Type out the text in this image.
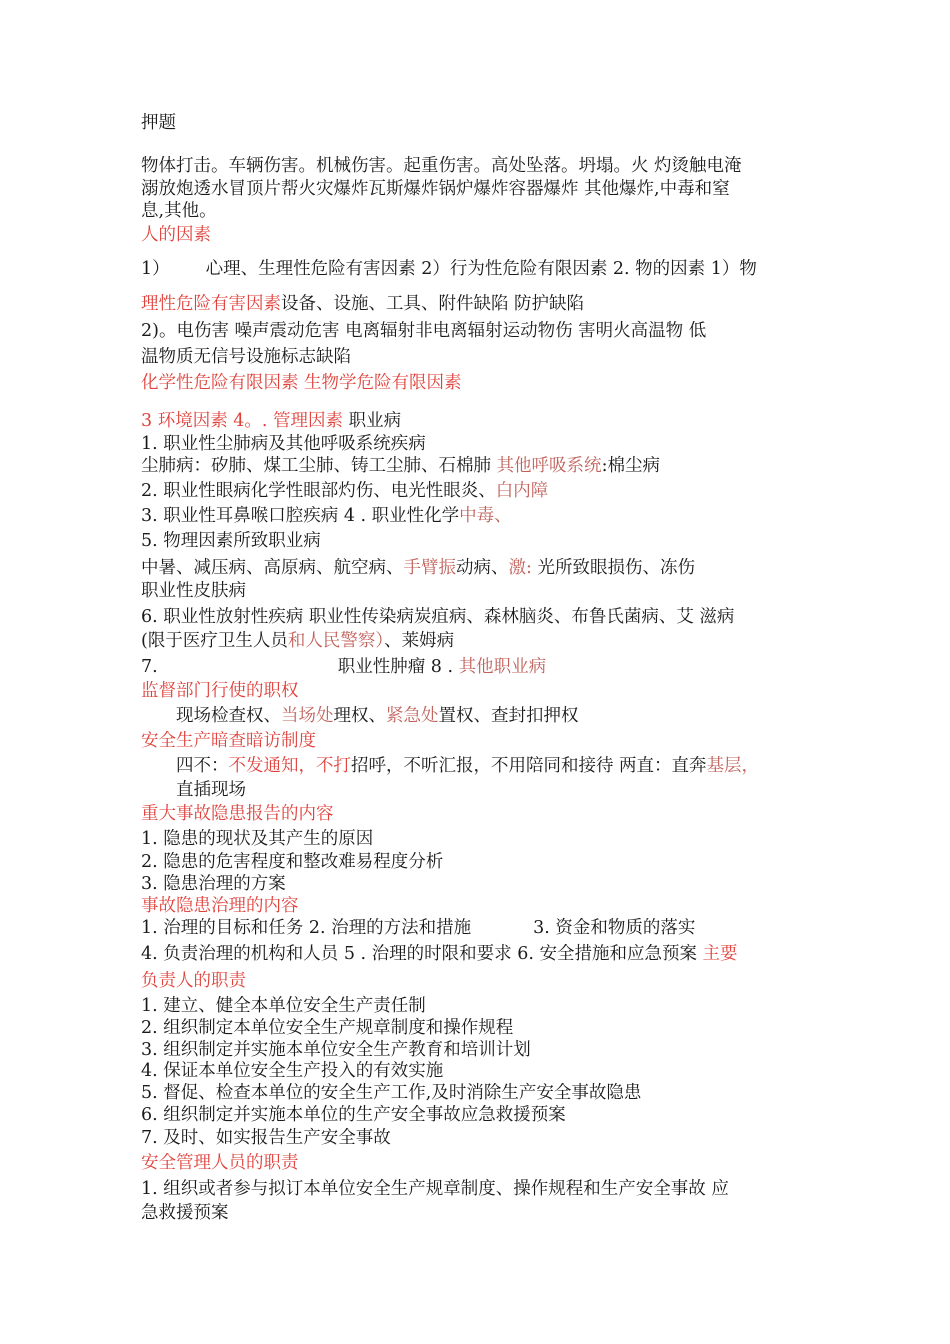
押题
物体打击。车辆伤害。机械伤害。起重伤害。高处坠落。坍塌。火 灼烫触电淹
溺放炮透水冒顶片帮火灾爆炸瓦斯爆炸锅炉爆炸容器爆炸 其他爆炸,中毒和窒
息,其他。
人的因素
1） 心理、生理性危险有害因素 2）行为性危险有限因素 2. 物的因素 1）物
理性危险有害因素设备、设施、工具、附件缺陷 防护缺陷
2)。电伤害 噪声震动危害 电离辐射非电离辐射运动物伤 害明火高温物 低
温物质无信号设施标志缺陷
化学性危险有限因素 生物学危险有限因素
3 环境因素 4。. 管理因素 职业病
1. 职业性尘肺病及其他呼吸系统疾病
尘肺病：矽肺、煤工尘肺、铸工尘肺、石棉肺 其他呼吸系统:棉尘病
2. 职业性眼病化学性眼部灼伤、电光性眼炎、白内障
3. 职业性耳鼻喉口腔疾病 4 . 职业性化学中毒、
5. 物理因素所致职业病
中暑、减压病、高原病、航空病、手臂振动病、激: 光所致眼损伤、冻伤
职业性皮肤病
6. 职业性放射性疾病 职业性传染病炭疽病、森林脑炎、布鲁氏菌病、艾 滋病
(限于医疗卫生人员和人民警察）、莱姆病
7.	职业性肿瘤 8 . 其他职业病
监督部门行使的职权
现场检查权、当场处理权、紧急处置权、查封扣押权
安全生产暗查暗访制度
四不：不发通知，不打招呼，不听汇报，不用陪同和接待 两直：直奔基层，
直插现场
重大事故隐患报告的内容
1. 隐患的现状及其产生的原因
2. 隐患的危害程度和整改难易程度分析
3. 隐患治理的方案
事故隐患治理的内容
1. 治理的目标和任务 2. 治理的方法和措施	3. 资金和物质的落实
4. 负责治理的机构和人员 5 . 治理的时限和要求 6. 安全措施和应急预案 主要
负责人的职责
1. 建立、健全本单位安全生产责任制
2. 组织制定本单位安全生产规章制度和操作规程
3. 组织制定并实施本单位安全生产教育和培训计划
4. 保证本单位安全生产投入的有效实施
5. 督促、检查本单位的安全生产工作,及时消除生产安全事故隐患
6. 组织制定并实施本单位的生产安全事故应急救援预案
7. 及时、如实报告生产安全事故
安全管理人员的职责
1. 组织或者参与拟订本单位安全生产规章制度、操作规程和生产安全事故 应
急救援预案
